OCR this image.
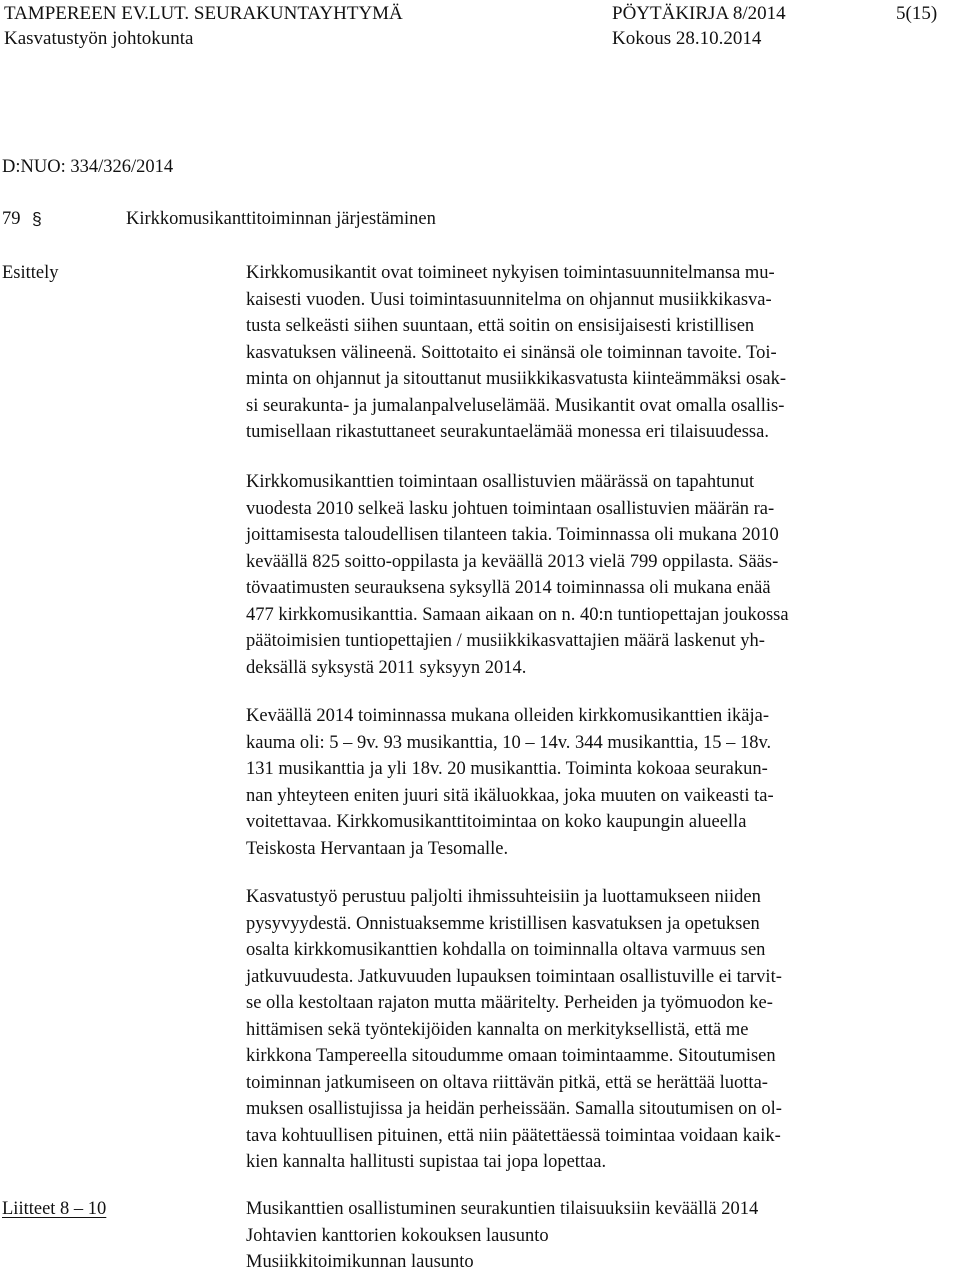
TAMPEREEN EV.LUT. SEURAKUNTAYHTYMÄ
Kasvatustyön johtokunta
PÖYTÄKIRJA 8/2014
Kokous 28.10.2014
5(15)
D:NUO: 334/326/2014
79 §	Kirkkomusikanttitoiminnan järjestäminen
Esittely	Kirkkomusikantit ovat toimineet nykyisen toimintasuunnitelmansa mu-
kaisesti vuoden. Uusi toimintasuunnitelma on ohjannut musiikkikasva-
tusta selkeästi siihen suuntaan, että soitin on ensisijaisesti kristillisen
kasvatuksen välineenä. Soittotaito ei sinänsä ole toiminnan tavoite. Toi-
minta on ohjannut ja sitouttanut musiikkikasvatusta kiinteämmäksi osak-
si seurakunta- ja jumalanpalveluselämää. Musikantit ovat omalla osallis-
tumisellaan rikastuttaneet seurakuntaelämää monessa eri tilaisuudessa.
Kirkkomusikanttien toimintaan osallistuvien määrässä on tapahtunut
vuodesta 2010 selkeä lasku johtuen toimintaan osallistuvien määrän ra-
joittamisesta taloudellisen tilanteen takia. Toiminnassa oli mukana 2010
keväällä 825 soitto-oppilasta ja keväällä 2013 vielä 799 oppilasta. Sääs-
tövaatimusten seurauksena syksyllä 2014 toiminnassa oli mukana enää
477 kirkkomusikanttia. Samaan aikaan on n. 40:n tuntiopettajan joukossa
päätoimisien tuntiopettajien / musiikkikasvattajien määrä laskenut yh-
deksällä syksystä 2011 syksyyn 2014.
Keväällä 2014 toiminnassa mukana olleiden kirkkomusikanttien ikäja-
kauma oli: 5 – 9v. 93 musikanttia, 10 – 14v. 344 musikanttia, 15 – 18v.
131 musikanttia ja yli 18v. 20 musikanttia. Toiminta kokoaa seurakun-
nan yhteyteen eniten juuri sitä ikäluokkaa, joka muuten on vaikeasti ta-
voitettavaa. Kirkkomusikanttitoimintaa on koko kaupungin alueella
Teiskosta Hervantaan ja Tesomalle.
Kasvatustyö perustuu paljolti ihmissuhteisiin ja luottamukseen niiden
pysyvyydestä. Onnistuaksemme kristillisen kasvatuksen ja opetuksen
osalta kirkkomusikanttien kohdalla on toiminnalla oltava varmuus sen
jatkuvuudesta. Jatkuvuuden lupauksen toimintaan osallistuville ei tarvit-
se olla kestoltaan rajaton mutta määritelty. Perheiden ja työmuodon ke-
hittämisen sekä työntekijöiden kannalta on merkityksellistä, että me
kirkkona Tampereella sitoudumme omaan toimintaamme. Sitoutumisen
toiminnan jatkumiseen on oltava riittävän pitkä, että se herättää luotta-
muksen osallistujissa ja heidän perheissään. Samalla sitoutumisen on ol-
tava kohtuullisen pituinen, että niin päätettäessä toimintaa voidaan kaik-
kien kannalta hallitusti supistaa tai jopa lopettaa.
Liitteet 8 – 10	Musikanttien osallistuminen seurakuntien tilaisuuksiin keväällä 2014
Johtavien kanttorien kokouksen lausunto
Musiikkitoimikunnan lausunto
